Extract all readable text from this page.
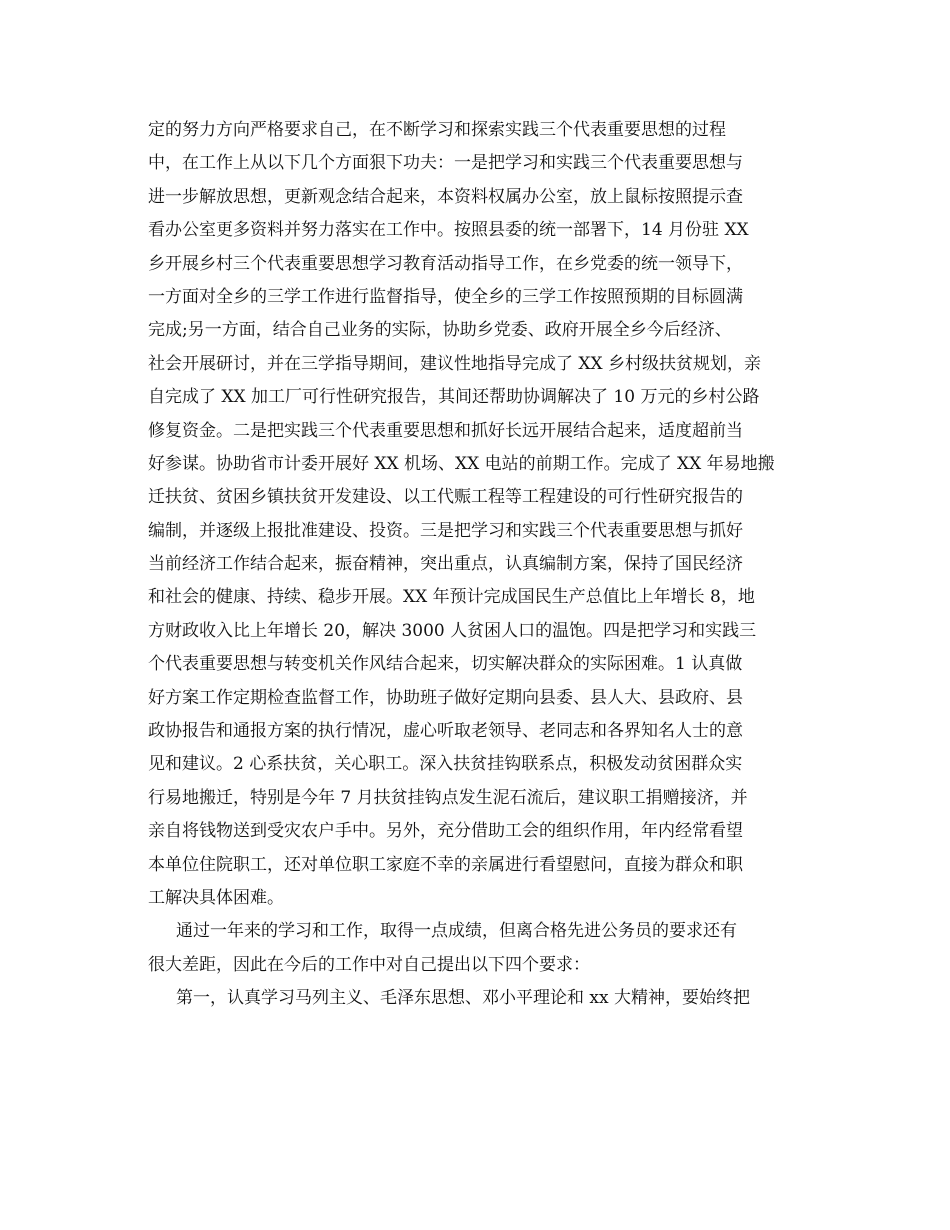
定的努力方向严格要求自己，在不断学习和探索实践三个代表重要思想的过程
中，在工作上从以下几个方面狠下功夫：一是把学习和实践三个代表重要思想与
进一步解放思想，更新观念结合起来，本资料权属办公室，放上鼠标按照提示查
看办公室更多资料并努力落实在工作中。按照县委的统一部署下，14 月份驻 XX
乡开展乡村三个代表重要思想学习教育活动指导工作，在乡党委的统一领导下，
一方面对全乡的三学工作进行监督指导，使全乡的三学工作按照预期的目标圆满
完成;另一方面，结合自己业务的实际，协助乡党委、政府开展全乡今后经济、
社会开展研讨，并在三学指导期间，建议性地指导完成了 XX 乡村级扶贫规划，亲
自完成了 XX 加工厂可行性研究报告，其间还帮助协调解决了 10 万元的乡村公路
修复资金。二是把实践三个代表重要思想和抓好长远开展结合起来，适度超前当
好参谋。协助省市计委开展好 XX 机场、XX 电站的前期工作。完成了 XX 年易地搬
迁扶贫、贫困乡镇扶贫开发建设、以工代赈工程等工程建设的可行性研究报告的
编制，并逐级上报批准建设、投资。三是把学习和实践三个代表重要思想与抓好
当前经济工作结合起来，振奋精神，突出重点，认真编制方案，保持了国民经济
和社会的健康、持续、稳步开展。XX 年预计完成国民生产总值比上年增长 8，地
方财政收入比上年增长 20，解决 3000 人贫困人口的温饱。四是把学习和实践三
个代表重要思想与转变机关作风结合起来，切实解决群众的实际困难。1 认真做
好方案工作定期检查监督工作，协助班子做好定期向县委、县人大、县政府、县
政协报告和通报方案的执行情况，虚心听取老领导、老同志和各界知名人士的意
见和建议。2 心系扶贫，关心职工。深入扶贫挂钩联系点，积极发动贫困群众实
行易地搬迁，特别是今年 7 月扶贫挂钩点发生泥石流后，建议职工捐赠接济，并
亲自将钱物送到受灾农户手中。另外，充分借助工会的组织作用，年内经常看望
本单位住院职工，还对单位职工家庭不幸的亲属进行看望慰问，直接为群众和职
工解决具体困难。
通过一年来的学习和工作，取得一点成绩，但离合格先进公务员的要求还有
很大差距，因此在今后的工作中对自己提出以下四个要求：
第一，认真学习马列主义、毛泽东思想、邓小平理论和 xx 大精神，要始终把
